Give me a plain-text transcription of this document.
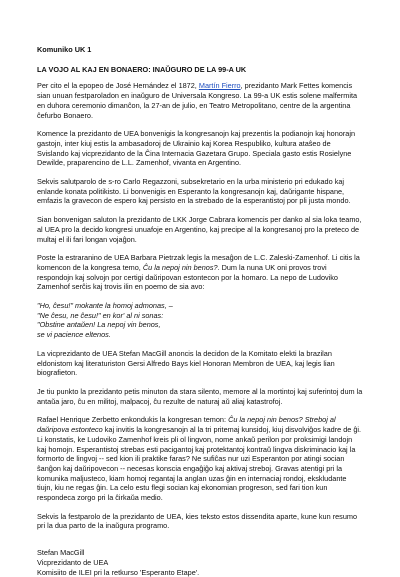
Komuniko UK 1
LA VOJO AL KAJ EN BONAERO: INAŬGURO DE LA 99-A UK

Per cito el la epopeo de José Hernández el 1872, Martín Fierro, prezidanto Mark Fettes komencis sian unuan festparoladon en inaŭguro de Universala Kongreso. La 99-a UK estis solene malfermita en duhora ceremonio dimanĉon, la 27-an de julio, en Teatro Metropolitano, centre de la argentina ĉefurbo Bonaero.

Komence la prezidanto de UEA bonvenigis la kongresanojn kaj prezentis la podianojn kaj honorajn gastojn, inter kiuj estis la ambasadoroj de Ukrainio kaj Korea Respubliko, kultura ataŝeo de Svislando kaj vicprezidanto de la Ĉina Internacia Gazetara Grupo. Speciala gasto estis Rosielyne Dewilde, praparencino de L.L. Zamenhof, vivanta en Argentino.

Sekvis salutparolo de s-ro Carlo Regazzoni, subsekretario en la urba ministerio pri edukado kaj enlande konata politikisto. Li bonvenigis en Esperanto la kongresanojn kaj, daŭrigante hispane, emfazis la gravecon de espero kaj persisto en la strebado de la esperantistoj por pli justa mondo.

Sian bonvenigan saluton la prezidanto de LKK Jorge Cabrara komencis per danko al sia loka teamo, al UEA pro la decido kongresi unuafoje en Argentino, kaj precipe al la kongresanoj pro la preteco de multaj el ili fari longan vojaĝon.

Poste la estraranino de UEA Barbara Pietrzak legis la mesaĝon de L.C. Zaleski-Zamenhof. Li citis la komencon de la kongresa temo, Ĉu la nepoj nin benos?. Dum la nuna UK oni provos trovi respondojn kaj solvojn por certigi daŭripovan estontecon por la homaro. La nepo de Ludoviko Zamenhof serĉis kaj trovis ilin en poemo de sia avo:

"Ho, ĉesu!" mokante la homoj admonas, –
"Ne ĉesu, ne ĉesu!" en kor' al ni sonas:
"Obstine antaŭen! La nepoj vin benos,
se vi pacience eltenos.

La vicprezidanto de UEA Stefan MacGill anoncis la decidon de la Komitato elekti la brazilan eldonistom kaj literaturiston Gersi Alfredo Bays kiel Honoran Membron de UEA, kaj legis lian biografieton.

Je tiu punkto la prezidanto petis minuton da stara silento, memore al la mortintoj kaj suferintoj dum la antaŭa jaro, ĉu en militoj, malpacoj, ĉu rezulte de naturaj aŭ aliaj katastrofoj.

Rafael Henrique Zerbetto enkondukis la kongresan temon: Ĉu la nepoj nin benos? Streboj al daŭripova estonteco kaj invitis la kongresanojn al la tri pritemaj kunsidoj, kiuj disvolviĝos kadre de ĝi. Li konstatis, ke Ludoviko Zamenhof kreis pli ol lingvon, nome ankaŭ perilon por proksimigi landojn kaj homojn. Esperantistoj strebas esti pacigantoj kaj protektantoj kontraŭ lingva diskriminacio kaj la formorto de lingvoj -- sed kion ili praktike faras? Ne sufiĉas nur uzi Esperanton por atingi socian ŝanĝon kaj daŭripovecon -- necesas konscia engaĝiĝo kaj aktivaj streboj. Gravas atentigi pri la komunika maljusteco, kiam homoj regantaj la anglan uzas ĝin en internaciaj rondoj, ekskludante tiujn, kiu ne regas ĝin. La celo estu flegi socian kaj ekonomian progreson, sed fari tion kun respondeca zorgo pri la ĉirkaŭa medio.

Sekvis la festparolo de la prezidanto de UEA, kies teksto estos dissendita aparte, kune kun resumo pri la dua parto de la inaŭgura programo.

Stefan MacGill
Vicprezidanto de UEA
Komisiito de ILEI pri la retkurso 'Esperanto Etape'.
